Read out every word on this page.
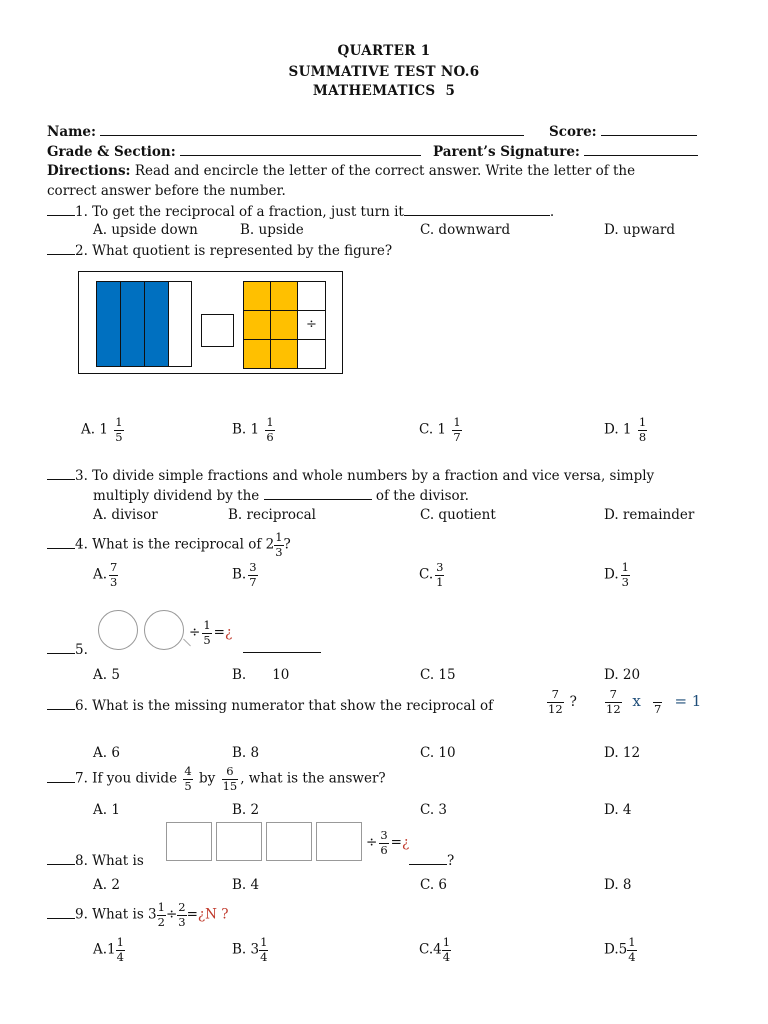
QUARTER 1
SUMMATIVE TEST NO.6
MATHEMATICS  5
Name:	Score:
Grade & Section:	Parent’s Signature:
Directions: Read and encircle the letter of the correct answer. Write the letter of the
correct answer before the number.
1. To get the reciprocal of a fraction, just turn it	.
A. upside down	B. upside	C. downward	D. upward
2. What quotient is represented by the figure?
÷
A. $1 \frac{1}{5}$	B. $1 \frac{1}{6}$	C. $1 \frac{1}{7}$	D. $1 \frac{1}{8}$
3. To divide simple fractions and whole numbers by a fraction and vice versa, simply
multiply dividend by the	of the divisor.
A. divisor	B. reciprocal	C. quotient	D. remainder
4. What is the reciprocal of $2 \frac{1}{3}$ ?
A. $\frac{7}{3}$	B. $\frac{3}{7}$	C. $\frac{3}{1}$	D. $\frac{1}{3}$
÷ $\frac{1}{5}$ =¿
5.
A. 5	B. 10	C. 15	D. 20
6. What is the missing numerator that show the reciprocal of	$\frac{7}{12}$ ? $\frac{7}{12}$ x
7 = 1
A. 6	B. 8	C. 10	D. 12
7. If you divide $\frac{4}{5}$ by $\frac{6}{15}$ , what is the answer?
A. 1	B. 2	C. 3	D. 4
÷ $\frac{3}{6}$ =¿
8. What is	?
A. 2	B. 4	C. 6	D. 8
9. What is $3 \frac{1}{2} \div \frac{2}{3}$ =¿N ?
$A.1 \frac{1}{4}$	B. $3 \frac{1}{4}$	$C.4 \frac{1}{4}$	$D.5 \frac{1}{4}$
